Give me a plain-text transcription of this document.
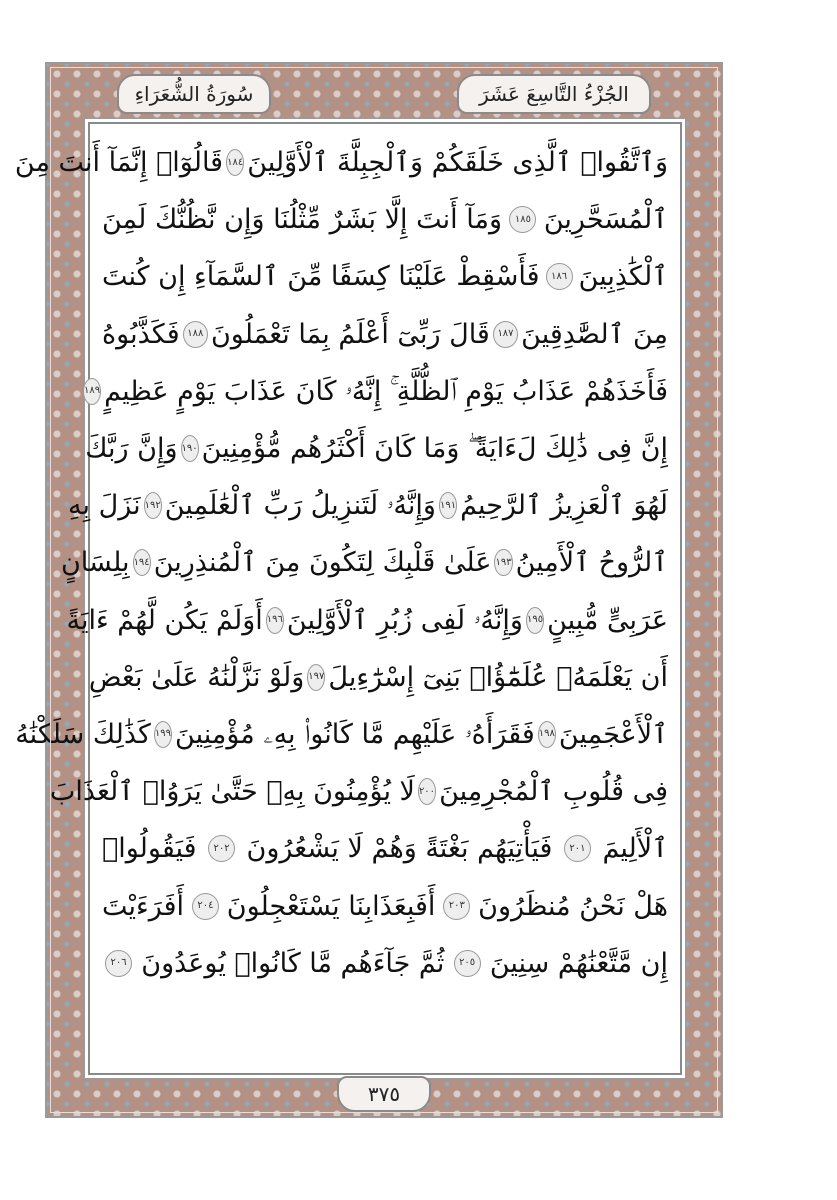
الجُزْءُ التَّاسِعَ عَشَرَ
سُورَةُ الشُّعَرَاءِ
وَٱتَّقُوا۟ ٱلَّذِى خَلَقَكُمْ وَٱلْجِبِلَّةَ ٱلْأَوَّلِينَ
١٨٤
قَالُوٓا۟ إِنَّمَآ أَنتَ مِنَ
ٱلْمُسَحَّرِينَ
١٨٥
وَمَآ أَنتَ إِلَّا بَشَرٌ مِّثْلُنَا وَإِن نَّظُنُّكَ لَمِنَ
ٱلْكَٰذِبِينَ
١٨٦
فَأَسْقِطْ عَلَيْنَا كِسَفًا مِّنَ ٱلسَّمَآءِ إِن كُنتَ
مِنَ ٱلصَّٰدِقِينَ
١٨٧
قَالَ رَبِّىٓ أَعْلَمُ بِمَا تَعْمَلُونَ
١٨٨
فَكَذَّبُوهُ
فَأَخَذَهُمْ عَذَابُ يَوْمِ ٱلظُّلَّةِ ۚ إِنَّهُۥ كَانَ عَذَابَ يَوْمٍ عَظِيمٍ
١٨٩
إِنَّ فِى ذَٰلِكَ لَءَايَةً ۖ وَمَا كَانَ أَكْثَرُهُم مُّؤْمِنِينَ
١٩٠
وَإِنَّ رَبَّكَ
لَهُوَ ٱلْعَزِيزُ ٱلرَّحِيمُ
١٩١
وَإِنَّهُۥ لَتَنزِيلُ رَبِّ ٱلْعَٰلَمِينَ
١٩٢
نَزَلَ بِهِ
ٱلرُّوحُ ٱلْأَمِينُ
١٩٣
عَلَىٰ قَلْبِكَ لِتَكُونَ مِنَ ٱلْمُنذِرِينَ
١٩٤
بِلِسَانٍ
عَرَبِىٍّ مُّبِينٍ
١٩٥
وَإِنَّهُۥ لَفِى زُبُرِ ٱلْأَوَّلِينَ
١٩٦
أَوَلَمْ يَكُن لَّهُمْ ءَايَةً
أَن يَعْلَمَهُۥ عُلَمَٰٓؤُا۟ بَنِىٓ إِسْرَٰٓءِيلَ
١٩٧
وَلَوْ نَزَّلْنَٰهُ عَلَىٰ بَعْضِ
ٱلْأَعْجَمِينَ
١٩٨
فَقَرَأَهُۥ عَلَيْهِم مَّا كَانُوا۟ بِهِۦ مُؤْمِنِينَ
١٩٩
كَذَٰلِكَ سَلَكْنَٰهُ
فِى قُلُوبِ ٱلْمُجْرِمِينَ
٢٠٠
لَا يُؤْمِنُونَ بِهِۦ حَتَّىٰ يَرَوُا۟ ٱلْعَذَابَ
ٱلْأَلِيمَ
٢٠١
فَيَأْتِيَهُم بَغْتَةً وَهُمْ لَا يَشْعُرُونَ
٢٠٢
فَيَقُولُوا۟
هَلْ نَحْنُ مُنظَرُونَ
٢٠٣
أَفَبِعَذَابِنَا يَسْتَعْجِلُونَ
٢٠٤
أَفَرَءَيْتَ
إِن مَّتَّعْنَٰهُمْ سِنِينَ
٢٠٥
ثُمَّ جَآءَهُم مَّا كَانُوا۟ يُوعَدُونَ
٢٠٦
٣٧٥
